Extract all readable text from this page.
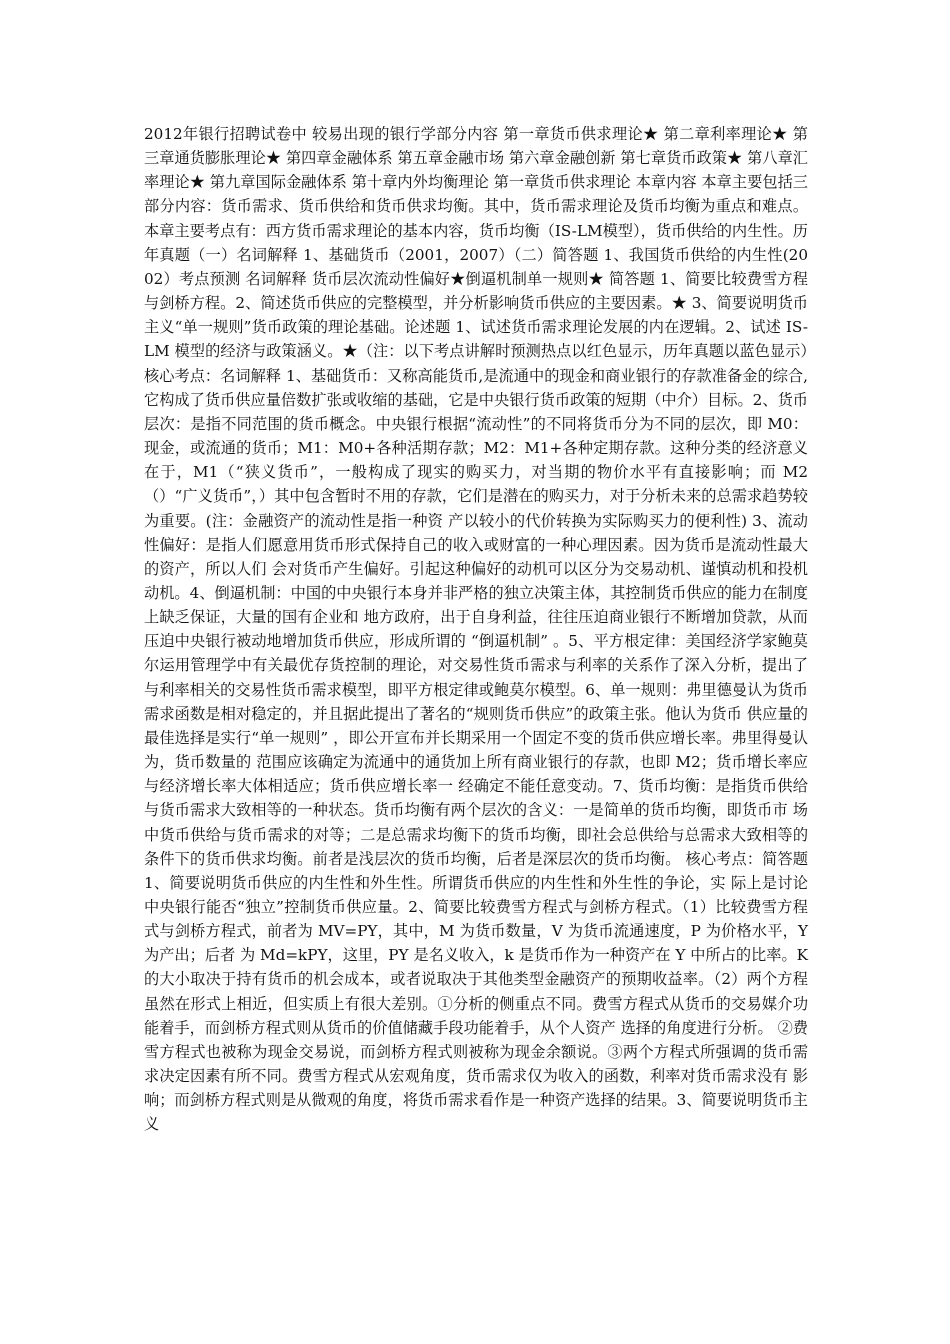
2012年银行招聘试卷中 较易出现的银行学部分内容 第一章货币供求理论★ 第二章利率理论★ 第三章通货膨胀理论★ 第四章金融体系 第五章金融市场 第六章金融创新 第七章货币政策★ 第八章汇率理论★ 第九章国际金融体系 第十章内外均衡理论 第一章货币供求理论 本章内容 本章主要包括三部分内容：货币需求、货币供给和货币供求均衡。其中，货币需求理论及货币均衡为重点和难点。本章主要考点有：西方货币需求理论的基本内容，货币均衡（IS-LM模型），货币供给的内生性。历年真题（一）名词解释 1、基础货币（2001，2007）（二）简答题 1、我国货币供给的内生性(2002）考点预测 名词解释 货币层次流动性偏好★倒逼机制单一规则★ 简答题 1、简要比较费雪方程与剑桥方程。2、简述货币供应的完整模型，并分析影响货币供应的主要因素。★ 3、简要说明货币主义“单一规则”货币政策的理论基础。论述题 1、试述货币需求理论发展的内在逻辑。2、试述 IS-LM 模型的经济与政策涵义。★（注：以下考点讲解时预测热点以红色显示，历年真题以蓝色显示）核心考点：名词解释 1、基础货币：又称高能货币,是流通中的现金和商业银行的存款准备金的综合,它构成了货币供应量倍数扩张或收缩的基础，它是中央银行货币政策的短期（中介）目标。2、货币层次：是指不同范围的货币概念。中央银行根据“流动性”的不同将货币分为不同的层次，即 M0：现金，或流通的货币；M1：M0+各种活期存款；M2：M1+各种定期存款。这种分类的经济意义在于，M1（“狭义货币”，一般构成了现实的购买力，对当期的物价水平有直接影响；而 M2（）“广义货币”，）其中包含暂时不用的存款，它们是潜在的购买力，对于分析未来的总需求趋势较为重要。(注：金融资产的流动性是指一种资 产以较小的代价转换为实际购买力的便利性) 3、流动性偏好：是指人们愿意用货币形式保持自己的收入或财富的一种心理因素。因为货币是流动性最大的资产，所以人们 会对货币产生偏好。引起这种偏好的动机可以区分为交易动机、谨慎动机和投机动机。4、倒逼机制：中国的中央银行本身并非严格的独立决策主体，其控制货币供应的能力在制度上缺乏保证，大量的国有企业和 地方政府，出于自身利益，往往压迫商业银行不断增加贷款，从而压迫中央银行被动地增加货币供应，形成所谓的 “倒逼机制” 。5、平方根定律：美国经济学家鲍莫尔运用管理学中有关最优存货控制的理论，对交易性货币需求与利率的关系作了深入分析，提出了与利率相关的交易性货币需求模型，即平方根定律或鲍莫尔模型。6、单一规则：弗里德曼认为货币需求函数是相对稳定的，并且据此提出了著名的“规则货币供应”的政策主张。他认为货币 供应量的最佳选择是实行“单一规则” ，即公开宣布并长期采用一个固定不变的货币供应增长率。弗里得曼认为，货币数量的 范围应该确定为流通中的通货加上所有商业银行的存款，也即 M2；货币增长率应与经济增长率大体相适应；货币供应增长率一 经确定不能任意变动。7、货币均衡：是指货币供给与货币需求大致相等的一种状态。货币均衡有两个层次的含义：一是简单的货币均衡，即货币市 场中货币供给与货币需求的对等；二是总需求均衡下的货币均衡，即社会总供给与总需求大致相等的条件下的货币供求均衡。前者是浅层次的货币均衡，后者是深层次的货币均衡。 核心考点：简答题 1、简要说明货币供应的内生性和外生性。所谓货币供应的内生性和外生性的争论，实 际上是讨论中央银行能否“独立”控制货币供应量。2、简要比较费雪方程式与剑桥方程式。（1）比较费雪方程式与剑桥方程式，前者为 MV=PY，其中，M 为货币数量，V 为货币流通速度，P 为价格水平，Y 为产出；后者 为 Md=kPY，这里，PY 是名义收入，k 是货币作为一种资产在 Y 中所占的比率。K 的大小取决于持有货币的机会成本，或者说取决于其他类型金融资产的预期收益率。（2）两个方程虽然在形式上相近，但实质上有很大差别。①分析的侧重点不同。费雪方程式从货币的交易媒介功能着手，而剑桥方程式则从货币的价值储藏手段功能着手，从个人资产 选择的角度进行分析。 ②费雪方程式也被称为现金交易说，而剑桥方程式则被称为现金余额说。③两个方程式所强调的货币需求决定因素有所不同。费雪方程式从宏观角度，货币需求仅为收入的函数，利率对货币需求没有 影响；而剑桥方程式则是从微观的角度，将货币需求看作是一种资产选择的结果。3、简要说明货币主义
